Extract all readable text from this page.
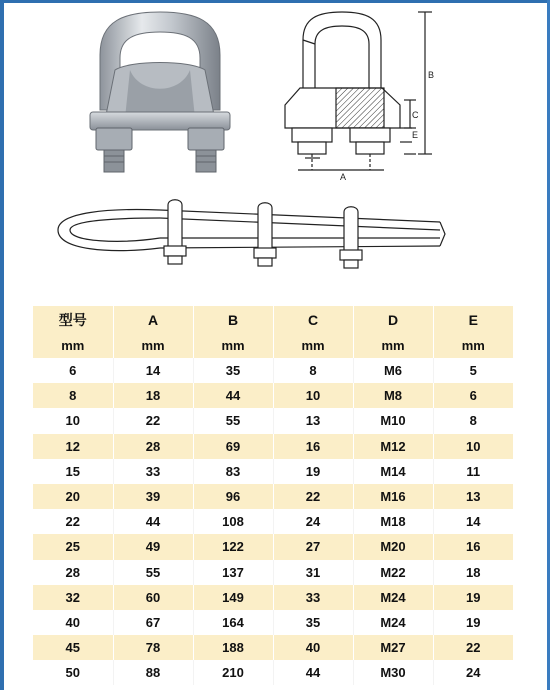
B
C
E
A
型号	A	B	C	D	E
mm	mm	mm	mm	mm	mm
6	14	35	8	M6	5
8	18	44	10	M8	6
10	22	55	13	M10	8
12	28	69	16	M12	10
15	33	83	19	M14	11
20	39	96	22	M16	13
22	44	108	24	M18	14
25	49	122	27	M20	16
28	55	137	31	M22	18
32	60	149	33	M24	19
40	67	164	35	M24	19
45	78	188	40	M27	22
50	88	210	44	M30	24
